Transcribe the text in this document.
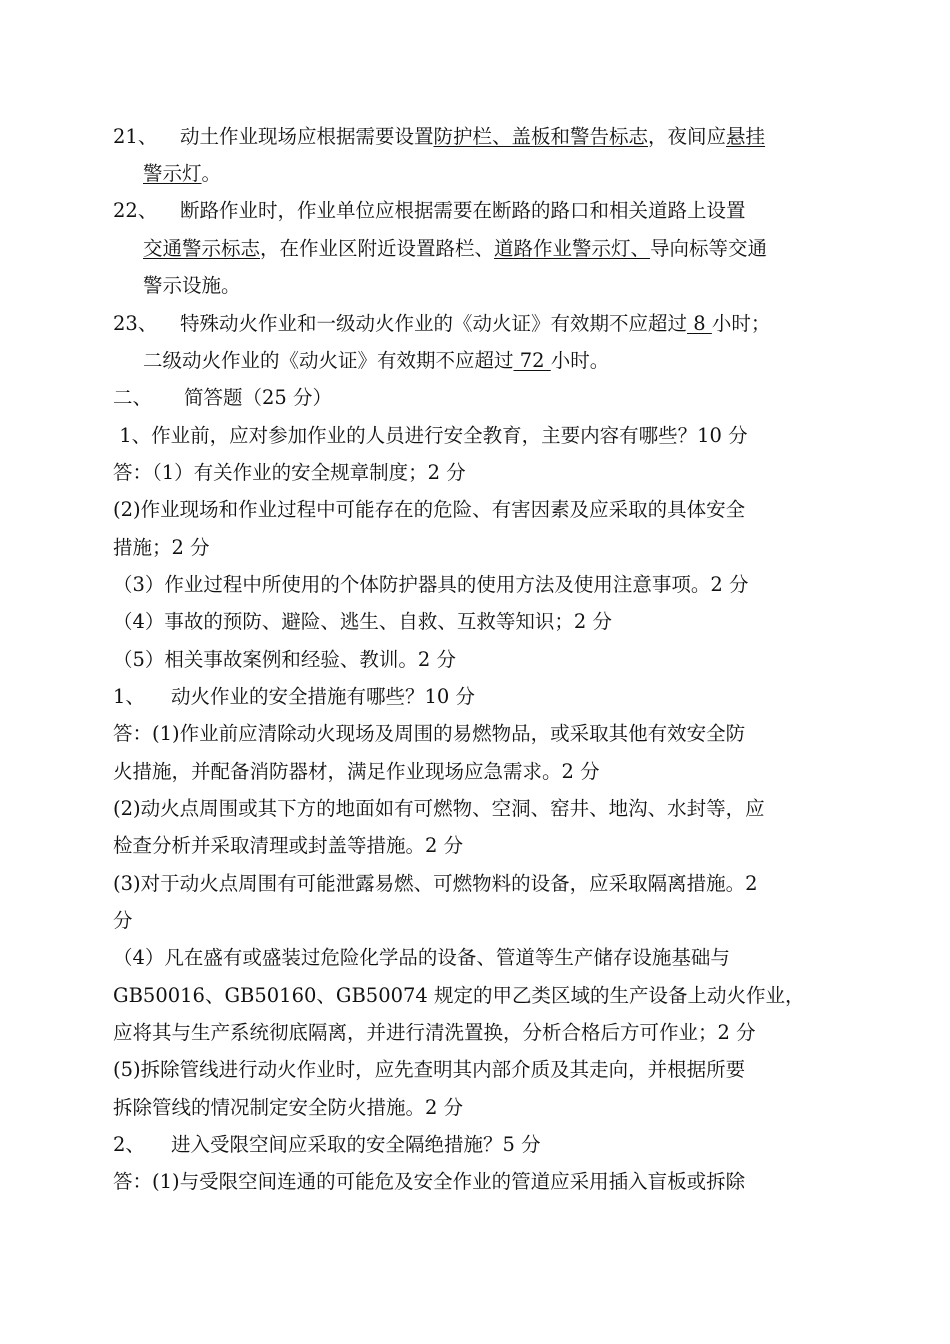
21、 动土作业现场应根据需要设置防护栏、盖板和警告标志，夜间应悬挂
警示灯。
22、 断路作业时，作业单位应根据需要在断路的路口和相关道路上设置
交通警示标志，在作业区附近设置路栏、道路作业警示灯、导向标等交通
警示设施。
23、 特殊动火作业和一级动火作业的《动火证》有效期不应超过 8 小时；
二级动火作业的《动火证》有效期不应超过 72 小时。
二、 简答题（25 分）
1、作业前，应对参加作业的人员进行安全教育，主要内容有哪些？10 分
答：（1）有关作业的安全规章制度；2 分
(2)作业现场和作业过程中可能存在的危险、有害因素及应采取的具体安全
措施；2 分
（3）作业过程中所使用的个体防护器具的使用方法及使用注意事项。2 分
（4）事故的预防、避险、逃生、自救、互救等知识；2 分
（5）相关事故案例和经验、教训。2 分
1、 动火作业的安全措施有哪些？10 分
答：(1)作业前应清除动火现场及周围的易燃物品，或采取其他有效安全防
火措施，并配备消防器材，满足作业现场应急需求。2 分
(2)动火点周围或其下方的地面如有可燃物、空洞、窑井、地沟、水封等，应
检查分析并采取清理或封盖等措施。2 分
(3)对于动火点周围有可能泄露易燃、可燃物料的设备，应采取隔离措施。2
分
（4）凡在盛有或盛装过危险化学品的设备、管道等生产储存设施基础与
GB50016、GB50160、GB50074 规定的甲乙类区域的生产设备上动火作业，
应将其与生产系统彻底隔离，并进行清洗置换，分析合格后方可作业；2 分
(5)拆除管线进行动火作业时，应先查明其内部介质及其走向，并根据所要
拆除管线的情况制定安全防火措施。2 分
2、 进入受限空间应采取的安全隔绝措施？5 分
答：(1)与受限空间连通的可能危及安全作业的管道应采用插入盲板或拆除
